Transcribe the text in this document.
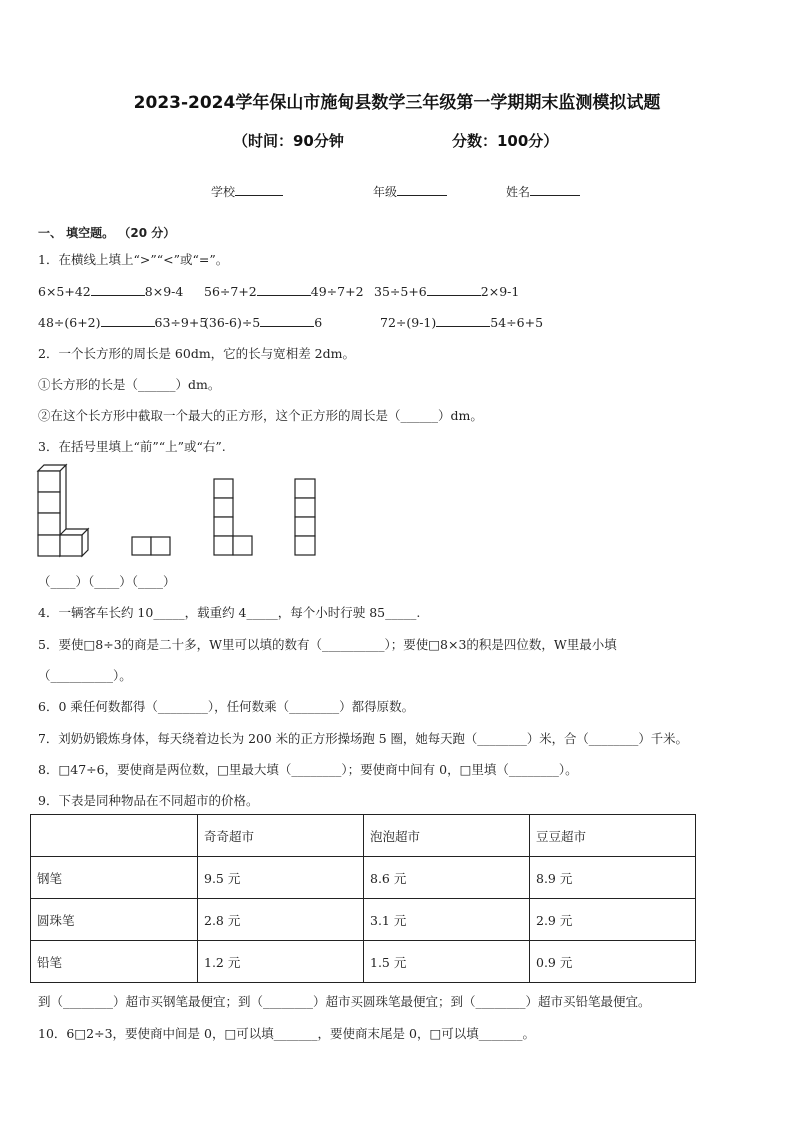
2023-2024学年保山市施甸县数学三年级第一学期期末监测模拟试题
（时间：90分钟	分数：100分）
学校	年级	姓名
一、 填空题。 （20 分）
1．在横线上填上“>”“<”或“=”。
6×5+42	8×9-4 56÷7+2	49÷7+2 35÷5+6	2×9-1
48÷(6+2)	63÷9+5
(36-6)÷5	6	72÷(9-1)	54÷6+5
2．一个长方形的周长是 60dm，它的长与宽相差 2dm。
①长方形的长是（______）dm。
②在这个长方形中截取一个最大的正方形，这个正方形的周长是（______）dm。
3．在括号里填上“前”“上”或“右”.
（____）（____）（____）
4．一辆客车长约 10_____，载重约 4_____，每个小时行驶 85_____.
5．要使□8÷3的商是二十多，W里可以填的数有（__________）；要使□8×3的积是四位数，W里最小填
（__________）。
6．0 乘任何数都得（________），任何数乘（________）都得原数。
7．刘奶奶锻炼身体，每天绕着边长为 200 米的正方形操场跑 5 圈，她每天跑（________）米，合（________）千米。
8．□47÷6，要使商是两位数，□里最大填（________）；要使商中间有 0，□里填（________）。
9．下表是同种物品在不同超市的价格。
	奇奇超市	泡泡超市	豆豆超市
钢笔	9.5 元	8.6 元	8.9 元
圆珠笔	2.8 元	3.1 元	2.9 元
铅笔	1.2 元	1.5 元	0.9 元
到（________）超市买钢笔最便宜；到（________）超市买圆珠笔最便宜；到（________）超市买铅笔最便宜。
10．6□2÷3，要使商中间是 0，□可以填_______，要使商末尾是 0，□可以填_______。
